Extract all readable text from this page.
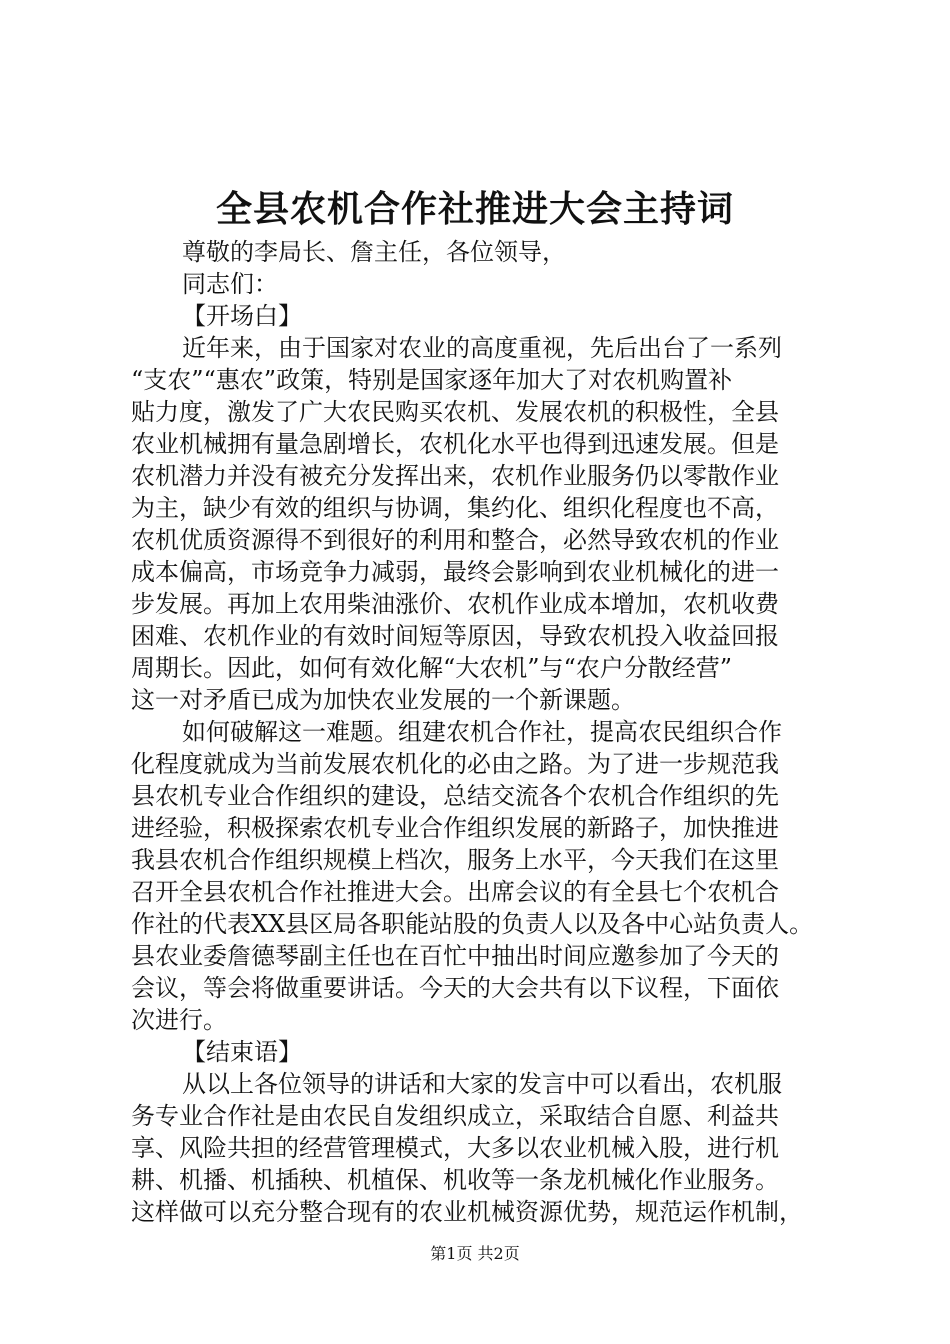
全县农机合作社推进大会主持词
尊敬的李局长、詹主任，各位领导，
同志们：
【开场白】
近年来，由于国家对农业的高度重视，先后出台了一系列
“支农”“惠农”政策，特别是国家逐年加大了对农机购置补
贴力度，激发了广大农民购买农机、发展农机的积极性，全县
农业机械拥有量急剧增长，农机化水平也得到迅速发展。但是
农机潜力并没有被充分发挥出来，农机作业服务仍以零散作业
为主，缺少有效的组织与协调，集约化、组织化程度也不高，
农机优质资源得不到很好的利用和整合，必然导致农机的作业
成本偏高，市场竞争力减弱，最终会影响到农业机械化的进一
步发展。再加上农用柴油涨价、农机作业成本增加，农机收费
困难、农机作业的有效时间短等原因，导致农机投入收益回报
周期长。因此，如何有效化解“大农机”与“农户分散经营”
这一对矛盾已成为加快农业发展的一个新课题。
如何破解这一难题。组建农机合作社，提高农民组织合作
化程度就成为当前发展农机化的必由之路。为了进一步规范我
县农机专业合作组织的建设，总结交流各个农机合作组织的先
进经验，积极探索农机专业合作组织发展的新路子，加快推进
我县农机合作组织规模上档次，服务上水平，今天我们在这里
召开全县农机合作社推进大会。出席会议的有全县七个农机合
作社的代表XX县区局各职能站股的负责人以及各中心站负责人。
县农业委詹德琴副主任也在百忙中抽出时间应邀参加了今天的
会议，等会将做重要讲话。今天的大会共有以下议程，下面依
次进行。
【结束语】
从以上各位领导的讲话和大家的发言中可以看出，农机服
务专业合作社是由农民自发组织成立，采取结合自愿、利益共
享、风险共担的经营管理模式，大多以农业机械入股，进行机
耕、机播、机插秧、机植保、机收等一条龙机械化作业服务。
这样做可以充分整合现有的农业机械资源优势，规范运作机制，
第1页 共2页
